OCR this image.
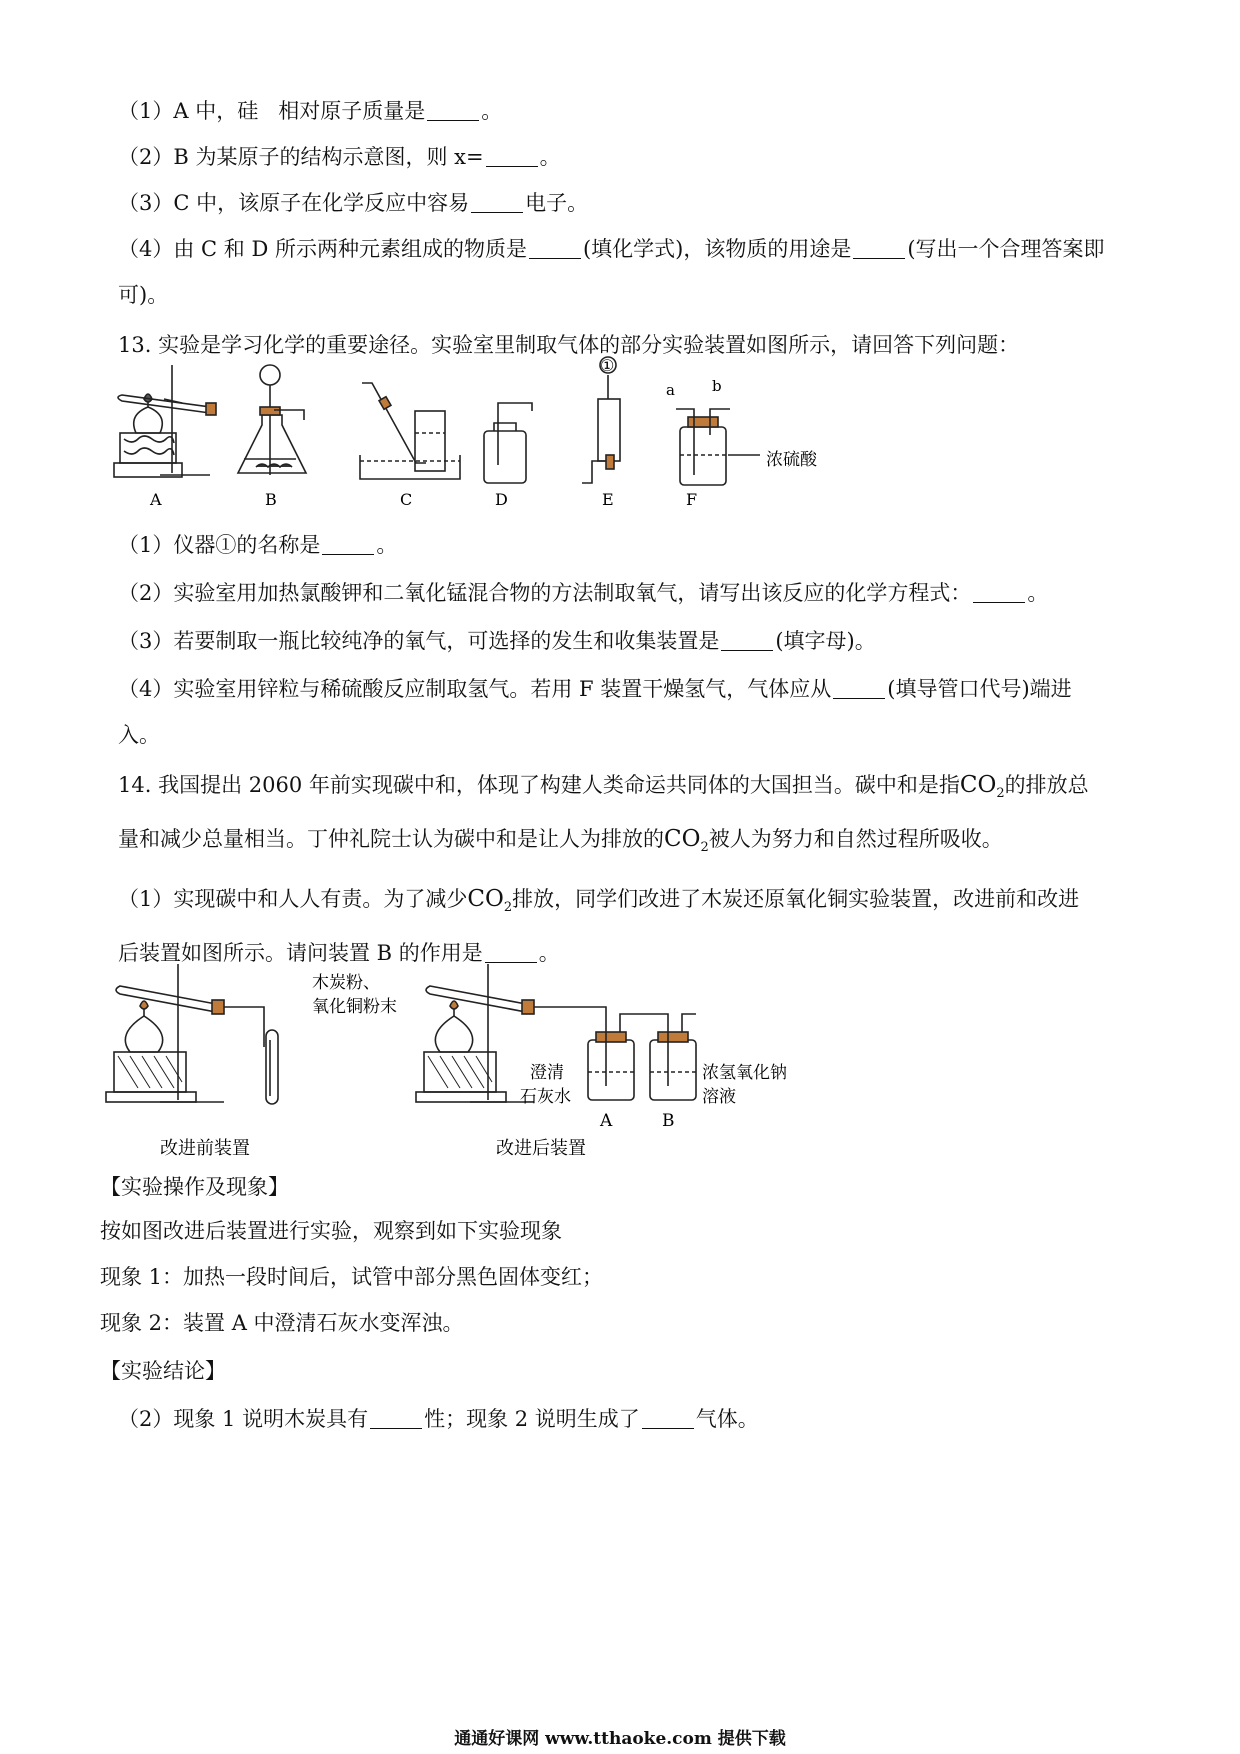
（1）A 中，硅 相对原子质量是	。
（2）B 为某原子的结构示意图，则 x=	。
（3）C 中，该原子在化学反应中容易	电子。
（4）由 C 和 D 所示两种元素组成的物质是	(填化学式)，该物质的用途是	(写出一个合理答案即
可)。
13. 实验是学习化学的重要途径。实验室里制取气体的部分实验装置如图所示，请回答下列问题：
A	B	C	D	E	F
①
a b
浓硫酸
（1）仪器①的名称是	。
（2）实验室用加热氯酸钾和二氧化锰混合物的方法制取氧气，请写出该反应的化学方程式：	。
（3）若要制取一瓶比较纯净的氧气，可选择的发生和收集装置是	(填字母)。
（4）实验室用锌粒与稀硫酸反应制取氢气。若用 F 装置干燥氢气，气体应从	(填导管口代号)端进
入。
14. 我国提出 2060 年前实现碳中和，体现了构建人类命运共同体的大国担当。碳中和是指$CO_2$的排放总
量和减少总量相当。丁仲礼院士认为碳中和是让人为排放的$CO_2$被人为努力和自然过程所吸收。
（1）实现碳中和人人有责。为了减少$CO_2$排放，同学们改进了木炭还原氧化铜实验装置，改进前和改进
后装置如图所示。请问装置 B 的作用是	。
木炭粉、
氧化铜粉末
澄清
石灰水
浓氢氧化钠
溶液
A	B
改进前装置	改进后装置
【实验操作及现象】
按如图改进后装置进行实验，观察到如下实验现象
现象 1：加热一段时间后，试管中部分黑色固体变红；
现象 2：装置 A 中澄清石灰水变浑浊。
【实验结论】
（2）现象 1 说明木炭具有	性；现象 2 说明生成了	气体。
通通好课网 www.tthaoke.com 提供下载
